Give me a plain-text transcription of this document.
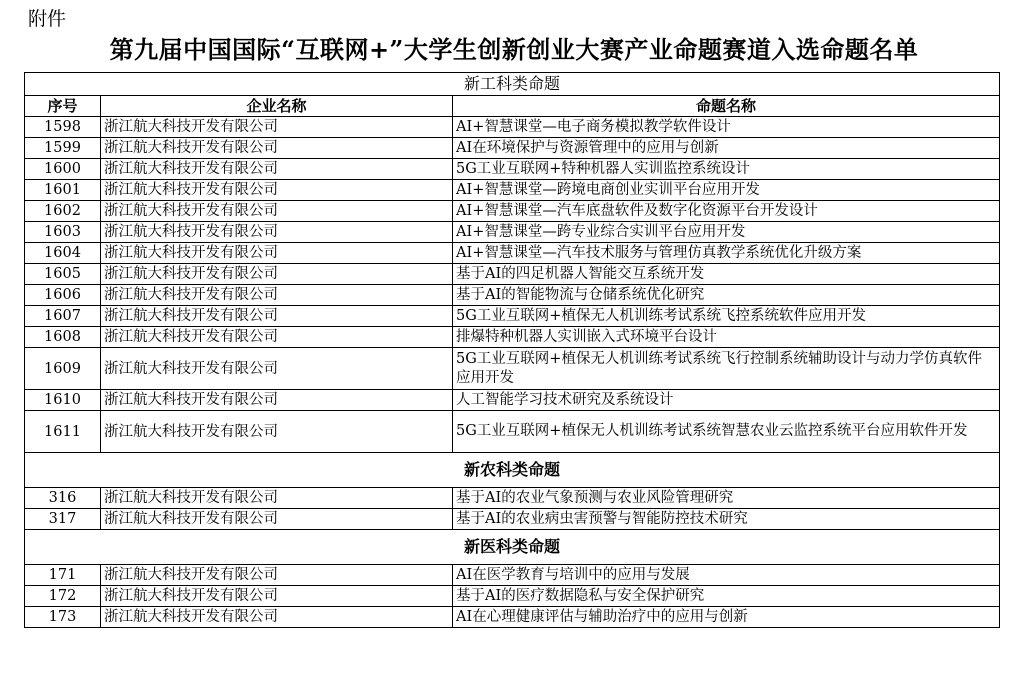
附件
第九届中国国际“互联网+”大学生创新创业大赛产业命题赛道入选命题名单
新工科类命题		
序号	企业名称	命题名称
1598	浙江航大科技开发有限公司	AI+智慧课堂—电子商务模拟教学软件设计
1599	浙江航大科技开发有限公司	AI在环境保护与资源管理中的应用与创新
1600	浙江航大科技开发有限公司	5G工业互联网+特种机器人实训监控系统设计
1601	浙江航大科技开发有限公司	AI+智慧课堂—跨境电商创业实训平台应用开发
1602	浙江航大科技开发有限公司	AI+智慧课堂—汽车底盘软件及数字化资源平台开发设计
1603	浙江航大科技开发有限公司	AI+智慧课堂—跨专业综合实训平台应用开发
1604	浙江航大科技开发有限公司	AI+智慧课堂—汽车技术服务与管理仿真教学系统优化升级方案
1605	浙江航大科技开发有限公司	基于AI的四足机器人智能交互系统开发
1606	浙江航大科技开发有限公司	基于AI的智能物流与仓储系统优化研究
1607	浙江航大科技开发有限公司	5G工业互联网+植保无人机训练考试系统飞控系统软件应用开发
1608	浙江航大科技开发有限公司	排爆特种机器人实训嵌入式环境平台设计
1609	浙江航大科技开发有限公司	5G工业互联网+植保无人机训练考试系统飞行控制系统辅助设计与动力学仿真软件应用开发
1610	浙江航大科技开发有限公司	人工智能学习技术研究及系统设计
1611	浙江航大科技开发有限公司	5G工业互联网+植保无人机训练考试系统智慧农业云监控系统平台应用软件开发
新农科类命题		
316	浙江航大科技开发有限公司	基于AI的农业气象预测与农业风险管理研究
317	浙江航大科技开发有限公司	基于AI的农业病虫害预警与智能防控技术研究
新医科类命题		
171	浙江航大科技开发有限公司	AI在医学教育与培训中的应用与发展
172	浙江航大科技开发有限公司	基于AI的医疗数据隐私与安全保护研究
173	浙江航大科技开发有限公司	AI在心理健康评估与辅助治疗中的应用与创新
